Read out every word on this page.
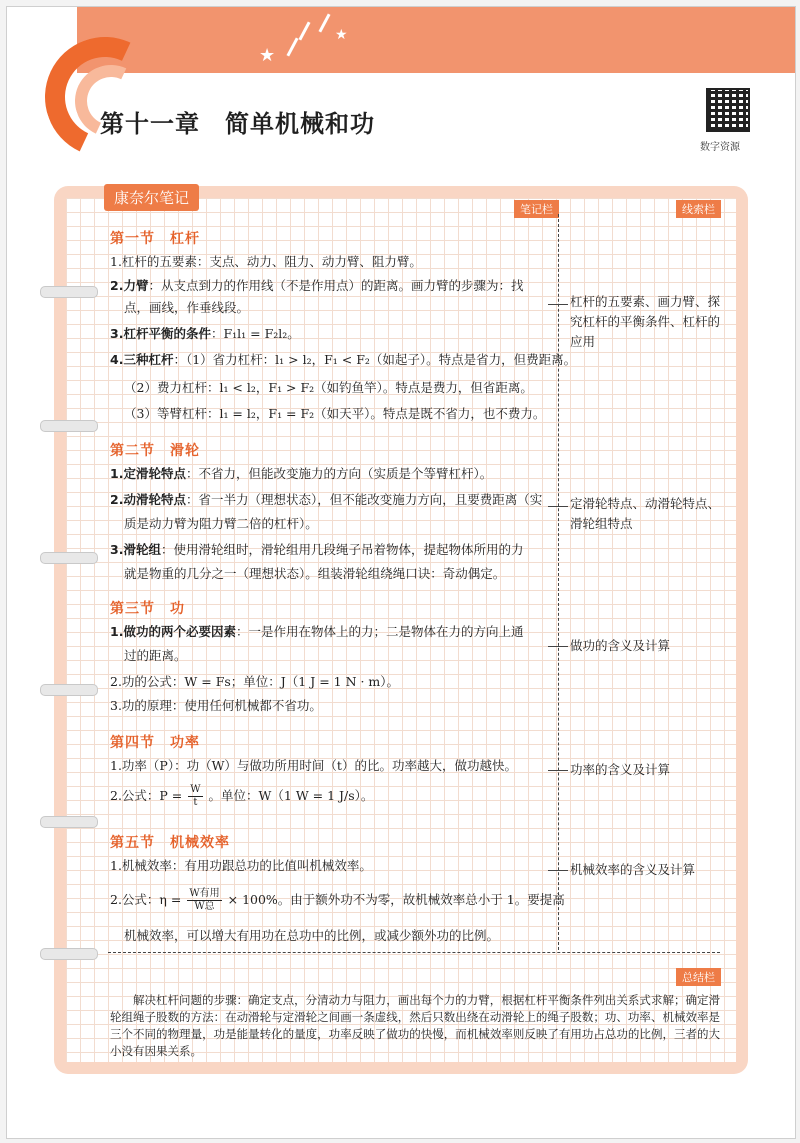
★
★
第十一章　简单机械和功
数字资源
康奈尔笔记
笔记栏	线索栏
总结栏
第一节　杠杆
1.杠杆的五要素：支点、动力、阻力、动力臂、阻力臂。
2.力臂：从支点到力的作用线（不是作用点）的距离。画力臂的步骤为：找
点，画线，作垂线段。
3.杠杆平衡的条件：F₁l₁ = F₂l₂。
4.三种杠杆：（1）省力杠杆：l₁ > l₂，F₁ < F₂（如起子）。特点是省力，但费距离。
（2）费力杠杆：l₁ < l₂，F₁ > F₂（如钓鱼竿）。特点是费力，但省距离。
（3）等臂杠杆：l₁ = l₂，F₁ = F₂（如天平）。特点是既不省力，也不费力。
第二节　滑轮
1.定滑轮特点：不省力，但能改变施力的方向（实质是个等臂杠杆）。
2.动滑轮特点：省一半力（理想状态），但不能改变施力方向，且要费距离（实
质是动力臂为阻力臂二倍的杠杆）。
3.滑轮组：使用滑轮组时，滑轮组用几段绳子吊着物体，提起物体所用的力
就是物重的几分之一（理想状态）。组装滑轮组绕绳口诀：奇动偶定。
第三节　功
1.做功的两个必要因素：一是作用在物体上的力；二是物体在力的方向上通
过的距离。
2.功的公式：W = Fs；单位：J（1 J = 1 N · m）。
3.功的原理：使用任何机械都不省功。
第四节　功率
1.功率（P）：功（W）与做功所用时间（t）的比。功率越大，做功越快。
2.公式：$P = \frac{W}{t}$ 。单位：W（1 W = 1 J/s）。
第五节　机械效率
1.机械效率：有用功跟总功的比值叫机械效率。
2.公式：$\eta = \frac{\text{W有用}}{\text{W总}} \times 100\%$。由于额外功不为零，故机械效率总小于 1。要提高
机械效率，可以增大有用功在总功中的比例，或减少额外功的比例。
杠杆的五要素、画力臂、探究杠杆的平衡条件、杠杆的应用
定滑轮特点、动滑轮特点、滑轮组特点
做功的含义及计算
功率的含义及计算
机械效率的含义及计算
解决杠杆问题的步骤：确定支点，分清动力与阻力，画出每个力的力臂，根据杠杆平衡条件列出关系式求解；确定滑轮组绳子股数的方法：在动滑轮与定滑轮之间画一条虚线，然后只数出绕在动滑轮上的绳子股数；功、功率、机械效率是三个不同的物理量，功是能量转化的量度，功率反映了做功的快慢，而机械效率则反映了有用功占总功的比例，三者的大小没有因果关系。
